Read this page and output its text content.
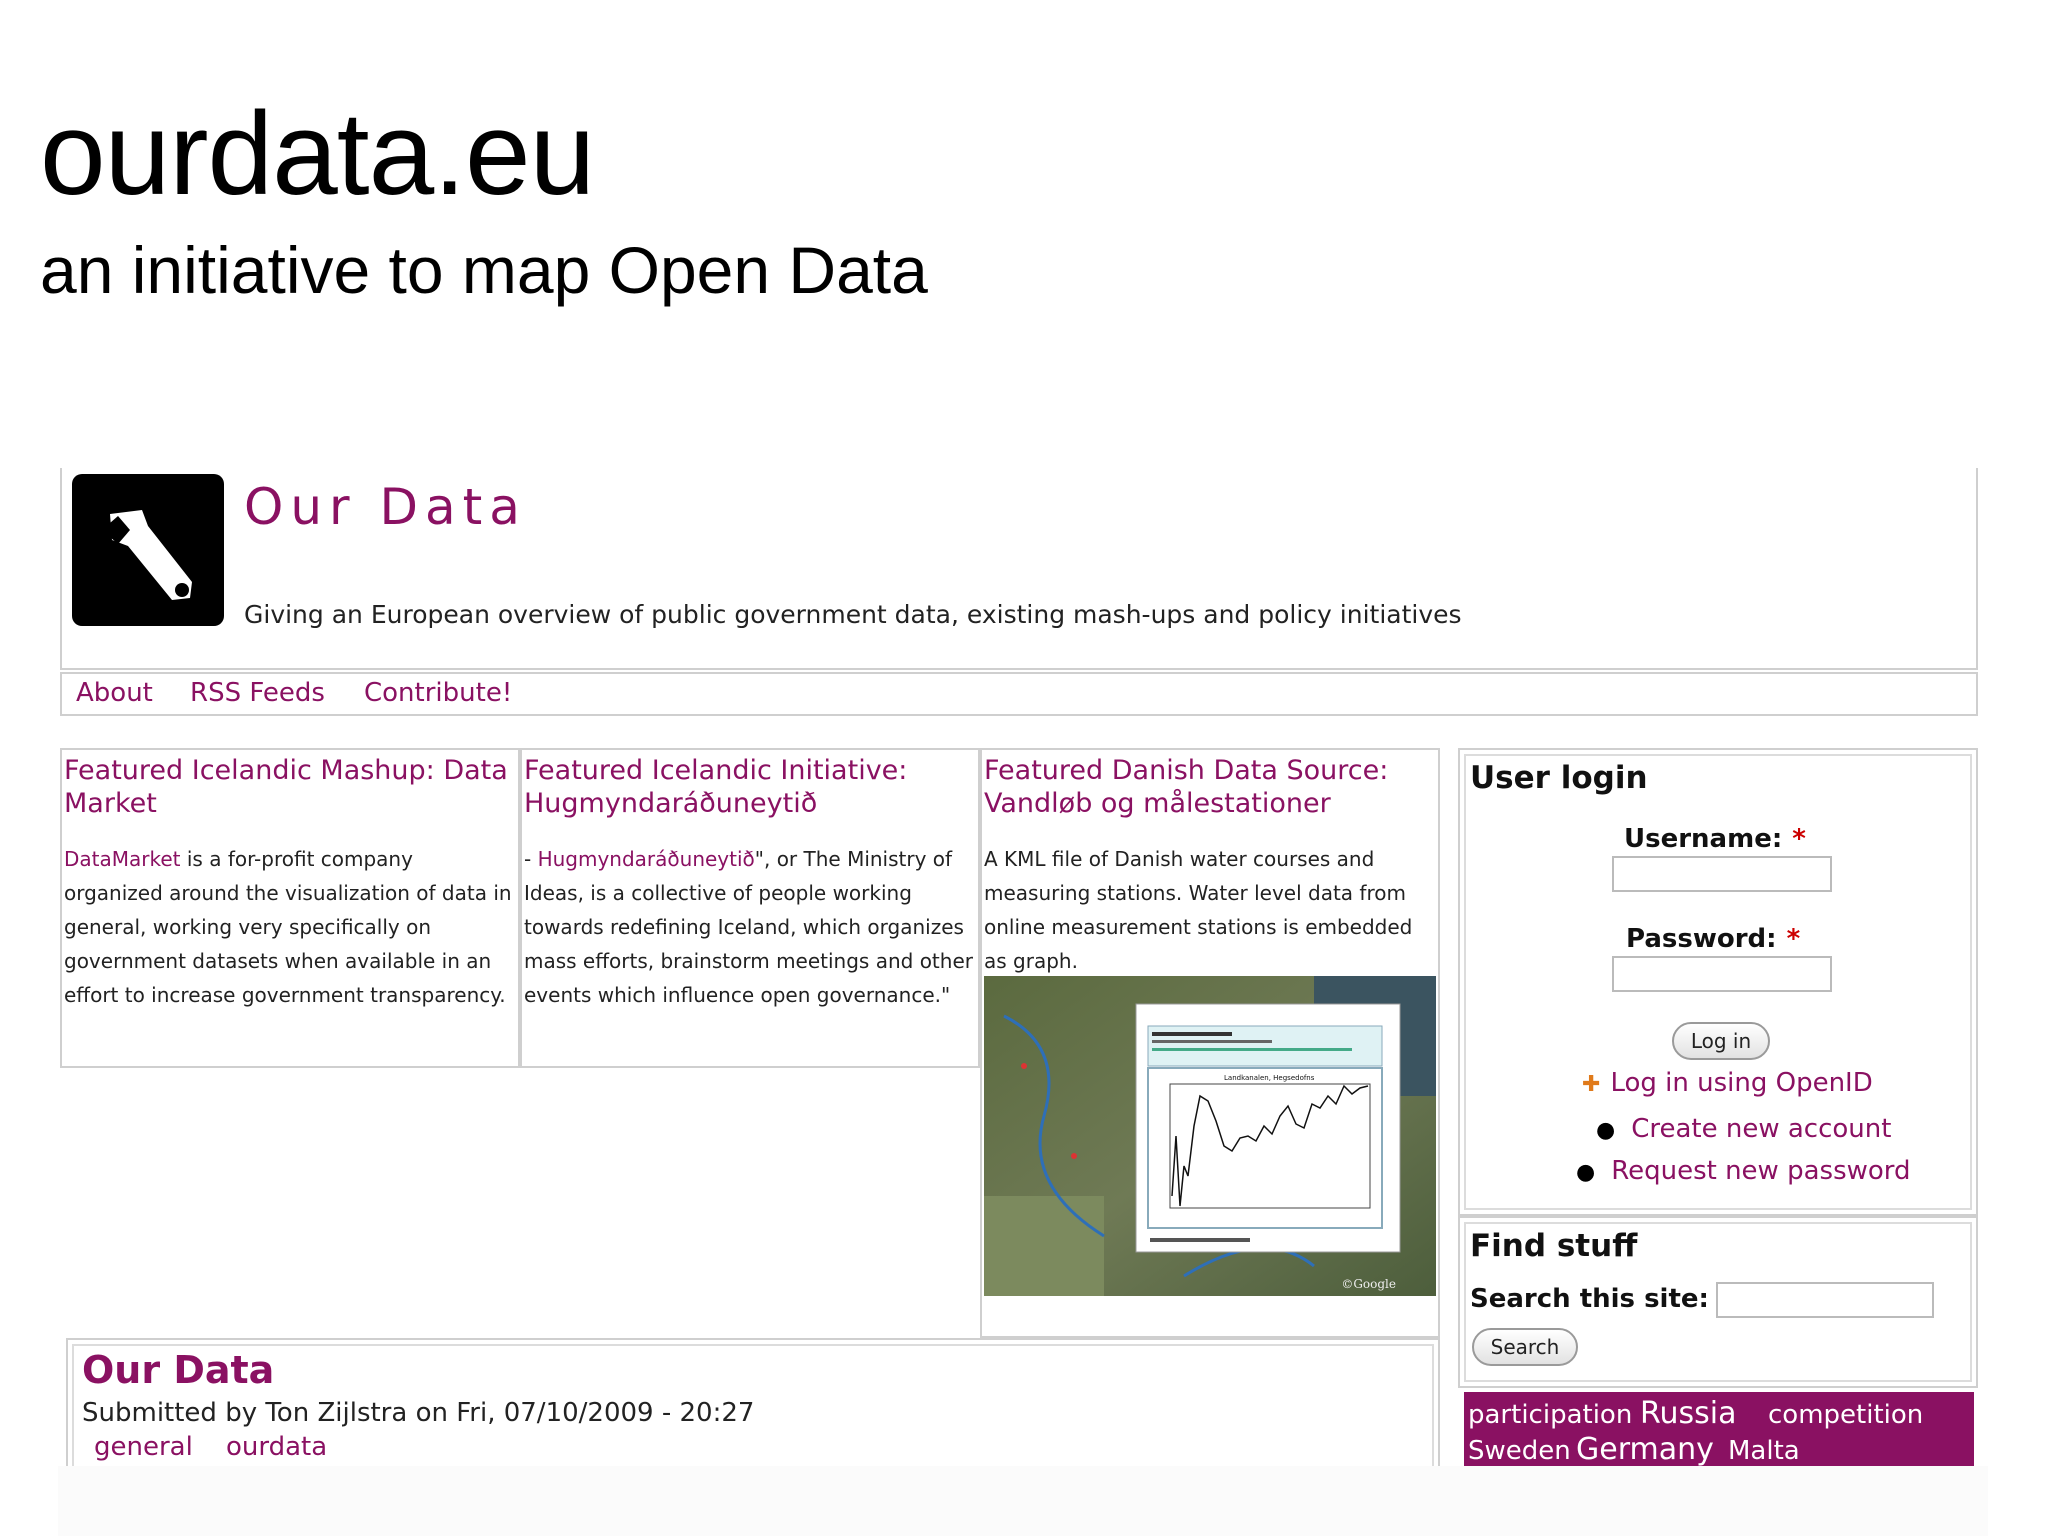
ourdata.eu
an initiative to map Open Data
Our Data
Giving an European overview of public government data, existing mash-ups and policy initiatives
About RSS Feeds Contribute!
Featured Icelandic Mashup: Data Market
DataMarket is a for-profit company organized around the visualization of data in general, working very specifically on government datasets when available in an effort to increase government transparency.
Featured Icelandic Initiative: Hugmyndaráðuneytið
- Hugmyndaráðuneytið", or The Ministry of Ideas, is a collective of people working towards redefining Iceland, which organizes mass efforts, brainstorm meetings and other events which influence open governance."
Featured Danish Data Source: Vandløb og målestationer
A KML file of Danish water courses and measuring stations. Water level data from online measurement stations is embedded as graph.
Landkanalen, Hegsedofns
©Google
User login
Username: *
Password: *
Log in
✚ Log in using OpenID
● Create new account
● Request new password
Find stuff
Search this site:
Search
participation Russia competition
Sweden Germany Malta
Our Data
Submitted by Ton Zijlstra on Fri, 07/10/2009 - 20:27
general ourdata
